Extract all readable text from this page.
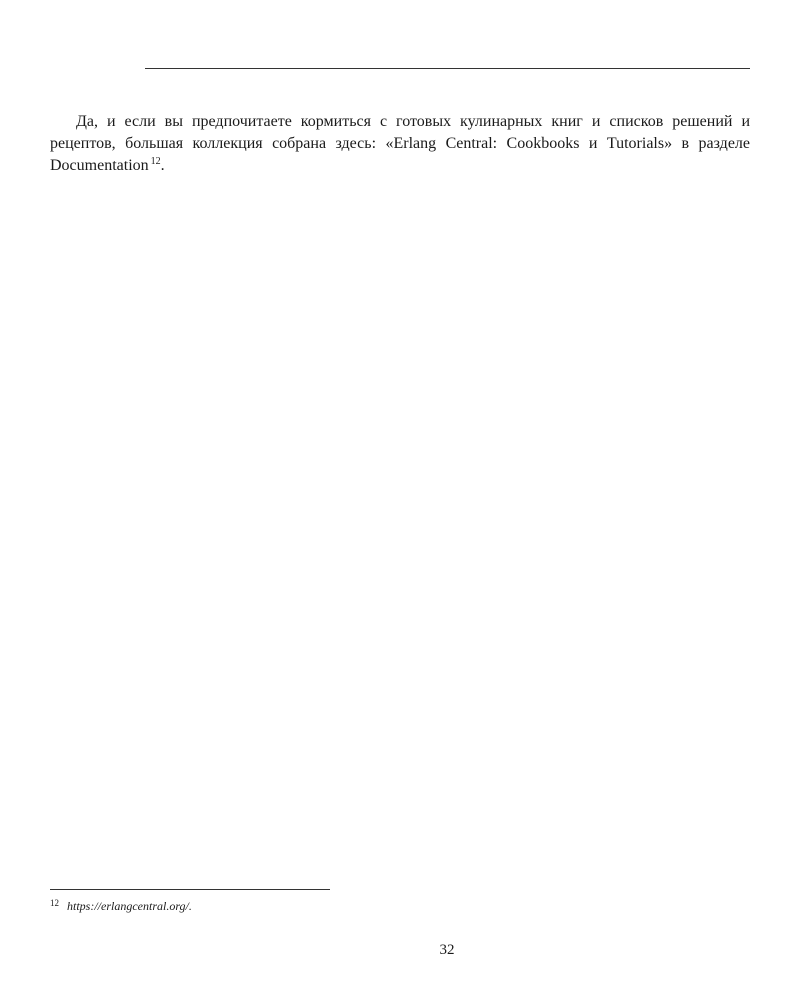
Да, и если вы предпочитаете кормиться с готовых кулинарных книг и списков решений и рецептов, большая коллекция собрана здесь: «Erlang Central: Cookbooks и Tutorials» в разделе Documentation $^{12}$.

$^{12}$ https://erlangcentral.org/.
32
